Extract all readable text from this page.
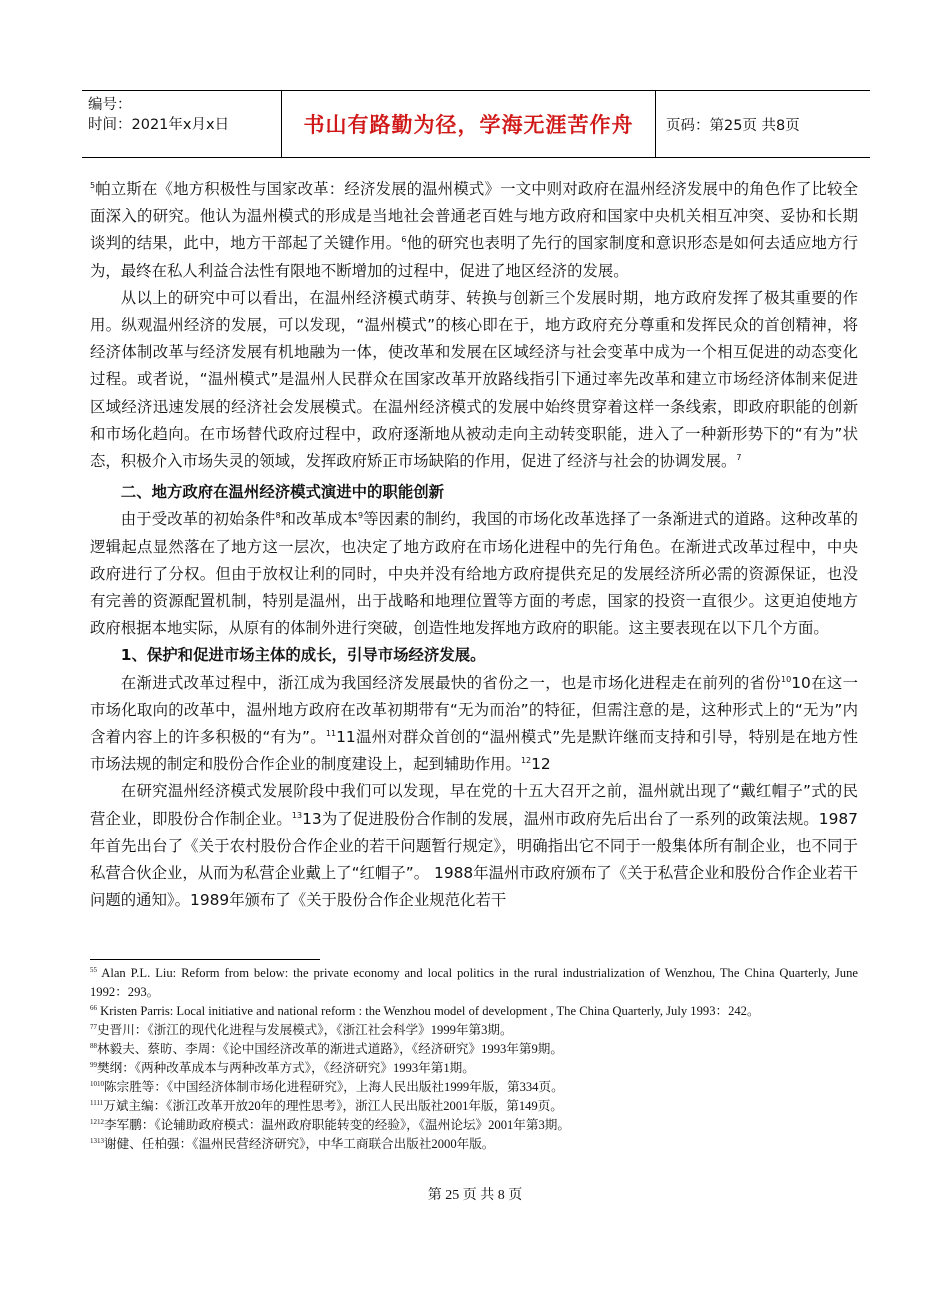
编号：
时间：2021年x月x日	书山有路勤为径，学海无涯苦作舟 页码：第25页 共8页

$^5$帕立斯在《地方积极性与国家改革：经济发展的温州模式》一文中则对政府在温州经济发展中的角色作了比较全面深入的研究。他认为温州模式的形成是当地社会普通老百姓与地方政府和国家中央机关相互冲突、妥协和长期谈判的结果，此中，地方干部起了关键作用。$^6$他的研究也表明了先行的国家制度和意识形态是如何去适应地方行为，最终在私人利益合法性有限地不断增加的过程中，促进了地区经济的发展。

从以上的研究中可以看出，在温州经济模式萌芽、转换与创新三个发展时期，地方政府发挥了极其重要的作用。纵观温州经济的发展，可以发现，“温州模式”的核心即在于，地方政府充分尊重和发挥民众的首创精神，将经济体制改革与经济发展有机地融为一体，使改革和发展在区域经济与社会变革中成为一个相互促进的动态变化过程。或者说，“温州模式”是温州人民群众在国家改革开放路线指引下通过率先改革和建立市场经济体制来促进区域经济迅速发展的经济社会发展模式。在温州经济模式的发展中始终贯穿着这样一条线索，即政府职能的创新和市场化趋向。在市场替代政府过程中，政府逐渐地从被动走向主动转变职能，进入了一种新形势下的“有为”状态，积极介入市场失灵的领域，发挥政府矫正市场缺陷的作用，促进了经济与社会的协调发展。$^7$

二、地方政府在温州经济模式演进中的职能创新

由于受改革的初始条件$^8$和改革成本$^9$等因素的制约，我国的市场化改革选择了一条渐进式的道路。这种改革的逻辑起点显然落在了地方这一层次，也决定了地方政府在市场化进程中的先行角色。在渐进式改革过程中，中央政府进行了分权。但由于放权让利的同时，中央并没有给地方政府提供充足的发展经济所必需的资源保证，也没有完善的资源配置机制，特别是温州，出于战略和地理位置等方面的考虑，国家的投资一直很少。这更迫使地方政府根据本地实际，从原有的体制外进行突破，创造性地发挥地方政府的职能。这主要表现在以下几个方面。

1、保护和促进市场主体的成长，引导市场经济发展。

在渐进式改革过程中，浙江成为我国经济发展最快的省份之一，也是市场化进程走在前列的省份$^{10}$10在这一市场化取向的改革中，温州地方政府在改革初期带有“无为而治”的特征，但需注意的是，这种形式上的“无为”内含着内容上的许多积极的“有为”。$^{11}$11温州对群众首创的“温州模式”先是默许继而支持和引导，特别是在地方性市场法规的制定和股份合作企业的制度建设上，起到辅助作用。$^{12}$12

在研究温州经济模式发展阶段中我们可以发现，早在党的十五大召开之前，温州就出现了“戴红帽子”式的民营企业，即股份合作制企业。$^{13}$13为了促进股份合作制的发展，温州市政府先后出台了一系列的政策法规。1987年首先出台了《关于农村股份合作企业的若干问题暂行规定》，明确指出它不同于一般集体所有制企业，也不同于私营合伙企业，从而为私营企业戴上了“红帽子”。 1988年温州市政府颁布了《关于私营企业和股份合作企业若干问题的通知》。1989年颁布了《关于股份合作企业规范化若干

$^{55}$ Alan P.L. Liu: Reform from below: the private economy and local politics in the rural industrialization of Wenzhou, The China Quarterly, June 1992：293。
$^{66}$ Kristen Parris: Local initiative and national reform : the Wenzhou model of development , The China Quarterly, July 1993：242。
$^{77}$史晋川：《浙江的现代化进程与发展模式》，《浙江社会科学》1999年第3期。
$^{88}$林毅夫、蔡昉、李周：《论中国经济改革的渐进式道路》，《经济研究》1993年第9期。
$^{99}$樊纲：《两种改革成本与两种改革方式》，《经济研究》1993年第1期。
$^{1010}$陈宗胜等：《中国经济体制市场化进程研究》，上海人民出版社1999年版，第334页。
$^{1111}$万斌主编：《浙江改革开放20年的理性思考》，浙江人民出版社2001年版，第149页。
$^{1212}$李军鹏：《论辅助政府模式：温州政府职能转变的经验》，《温州论坛》2001年第3期。
$^{1313}$谢健、任柏强：《温州民营经济研究》，中华工商联合出版社2000年版。
第 25 页 共 8 页
